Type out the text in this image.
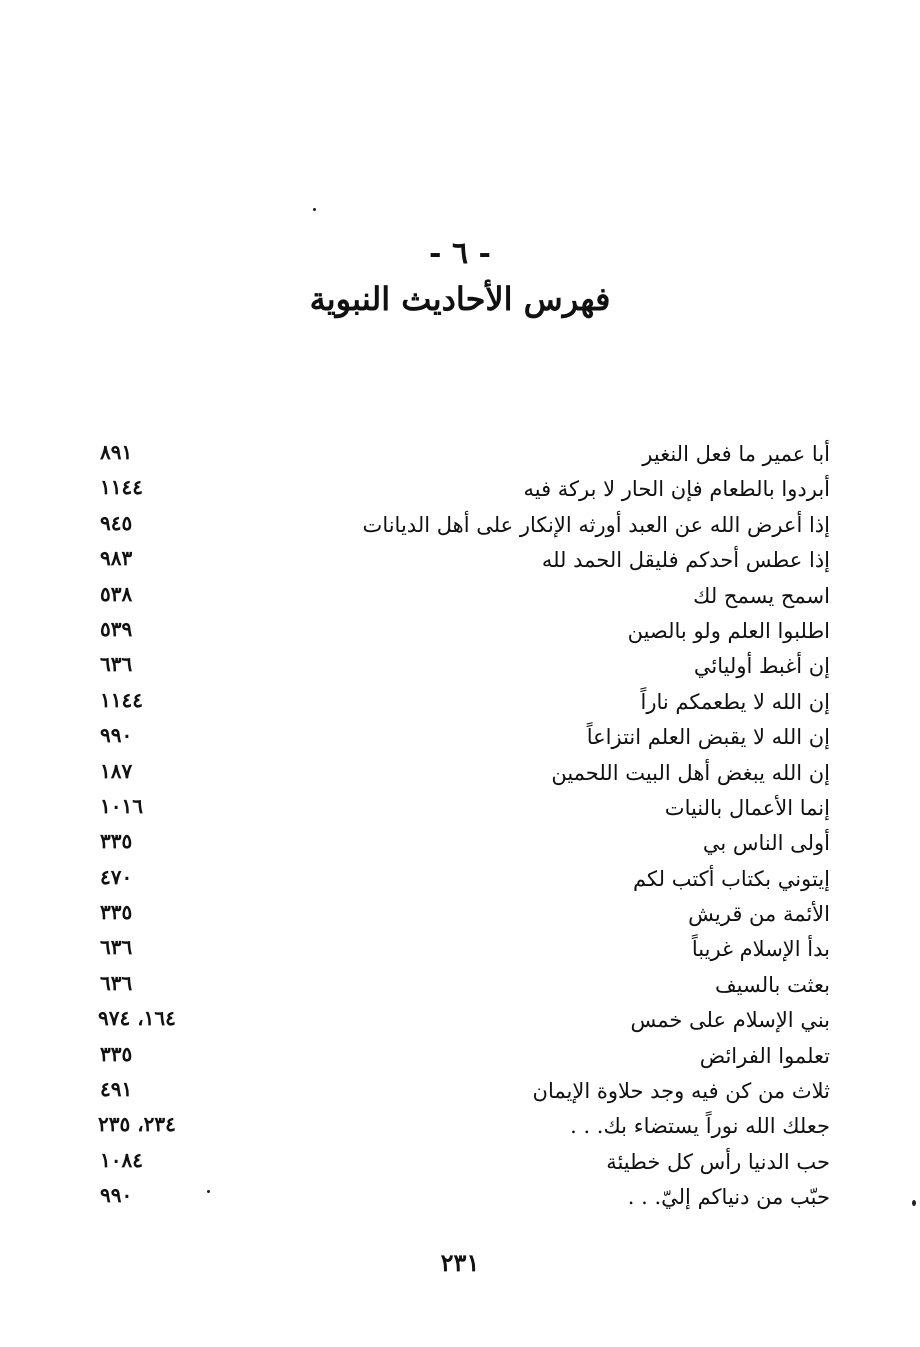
- ٦ -
فهرس الأحاديث النبوية
أبا عمير ما فعل النغير
٨٩١
أبردوا بالطعام فإن الحار لا بركة فيه
١١٤٤
إذا أعرض الله عن العبد أورثه الإنكار على أهل الديانات
٩٤٥
إذا عطس أحدكم فليقل الحمد لله
٩٨٣
اسمح يسمح لك
٥٣٨
اطلبوا العلم ولو بالصين
٥٣٩
إن أغبط أوليائي
٦٣٦
إن الله لا يطعمكم ناراً
١١٤٤
إن الله لا يقبض العلم انتزاعاً
٩٩٠
إن الله يبغض أهل البيت اللحمين
١٨٧
إنما الأعمال بالنيات
١٠١٦
أولى الناس بي
٣٣٥
إيتوني بكتاب أكتب لكم
٤٧٠
الأئمة من قريش
٣٣٥
بدأ الإسلام غريباً
٦٣٦
بعثت بالسيف
٦٣٦
بني الإسلام على خمس
١٦٤، ٩٧٤
تعلموا الفرائض
٣٣٥
ثلاث من كن فيه وجد حلاوة الإيمان
٤٩١
جعلك الله نوراً يستضاء بك. . .
٢٣٤، ٢٣٥
حب الدنيا رأس كل خطيئة
١٠٨٤
حبّب من دنياكم إليّ. . .
٩٩٠
٢٣١
